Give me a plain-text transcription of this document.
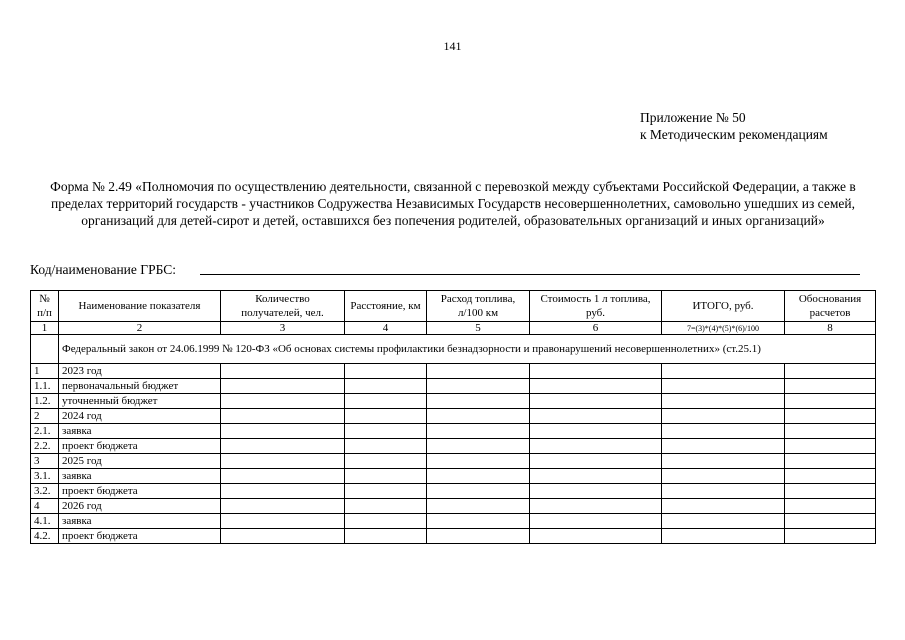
141
Приложение № 50
к Методическим рекомендациям
Форма № 2.49 «Полномочия по осуществлению деятельности, связанной с перевозкой между субъектами Российской Федерации, а также в пределах территорий государств - участников Содружества Независимых Государств несовершеннолетних, самовольно ушедших из семей, организаций для детей-сирот и детей, оставшихся без попечения родителей, образовательных организаций и иных организаций»
Код/наименование ГРБС:
№ п/п	Наименование показателя	Количество получателей, чел.	Расстояние, км	Расход топлива, л/100 км	Стоимость 1 л топлива, руб.	ИТОГО, руб.	Обоснования расчетов
1	2	3	4	5	6	7=(3)*(4)*(5)*(6)/100	8
	Федеральный закон от 24.06.1999 № 120-ФЗ «Об основах системы профилактики безнадзорности и правонарушений несовершеннолетних» (ст.25.1)						
1	2023 год						
1.1.	первоначальный бюджет						
1.2.	уточненный бюджет						
2	2024 год						
2.1.	заявка						
2.2.	проект бюджета						
3	2025 год						
3.1.	заявка						
3.2.	проект бюджета						
4	2026 год						
4.1.	заявка						
4.2.	проект бюджета						
